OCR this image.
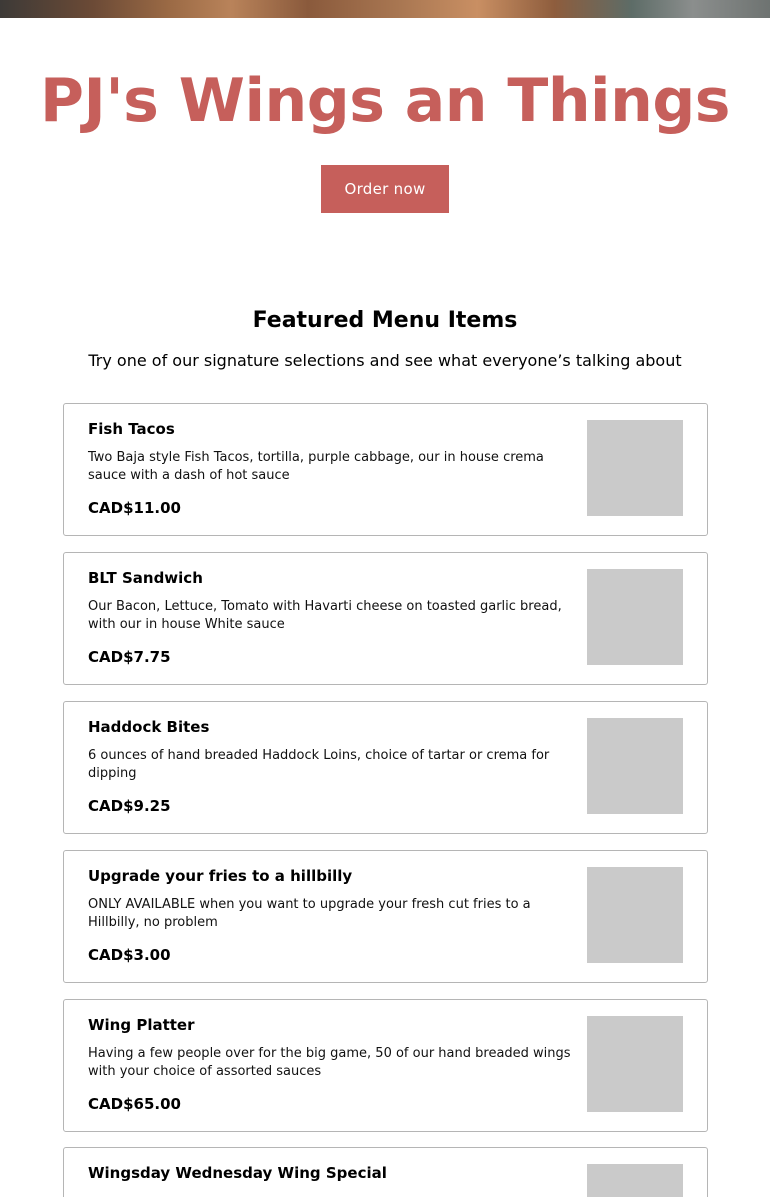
PJ's Wings an Things
Order now
Featured Menu Items

Try one of our signature selections and see what everyone’s talking about

Fish Tacos
Two Baja style Fish Tacos, tortilla, purple cabbage, our in house crema sauce with a dash of hot sauce
CAD$11.00
BLT Sandwich
Our Bacon, Lettuce, Tomato with Havarti cheese on toasted garlic bread, with our in house White sauce
CAD$7.75
Haddock Bites
6 ounces of hand breaded Haddock Loins, choice of tartar or crema for dipping
CAD$9.25
Upgrade your fries to a hillbilly
ONLY AVAILABLE when you want to upgrade your fresh cut fries to a Hillbilly, no problem
CAD$3.00
Wing Platter
Having a few people over for the big game, 50 of our hand breaded wings with your choice of assorted sauces
CAD$65.00
Wingsday Wednesday Wing Special
